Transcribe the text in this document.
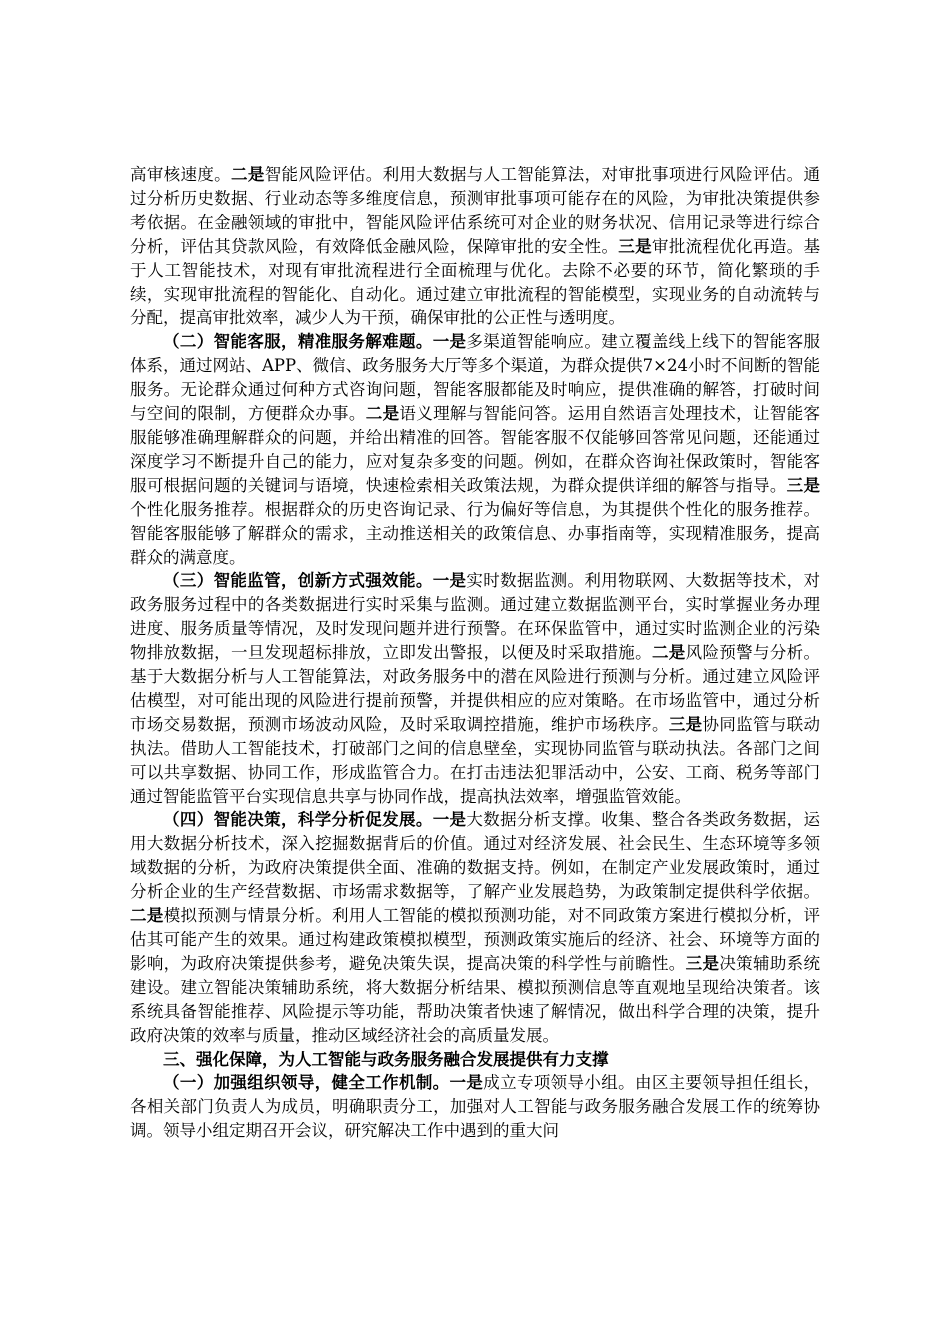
高审核速度。二是智能风险评估。利用大数据与人工智能算法，对审批事项进行风险评估。通过分析历史数据、行业动态等多维度信息，预测审批事项可能存在的风险，为审批决策提供参考依据。在金融领域的审批中，智能风险评估系统可对企业的财务状况、信用记录等进行综合分析，评估其贷款风险，有效降低金融风险，保障审批的安全性。三是审批流程优化再造。基于人工智能技术，对现有审批流程进行全面梳理与优化。去除不必要的环节，简化繁琐的手续，实现审批流程的智能化、自动化。通过建立审批流程的智能模型，实现业务的自动流转与分配，提高审批效率，减少人为干预，确保审批的公正性与透明度。

（二）智能客服，精准服务解难题。一是多渠道智能响应。建立覆盖线上线下的智能客服体系，通过网站、APP、微信、政务服务大厅等多个渠道，为群众提供7×24小时不间断的智能服务。无论群众通过何种方式咨询问题，智能客服都能及时响应，提供准确的解答，打破时间与空间的限制，方便群众办事。二是语义理解与智能问答。运用自然语言处理技术，让智能客服能够准确理解群众的问题，并给出精准的回答。智能客服不仅能够回答常见问题，还能通过深度学习不断提升自己的能力，应对复杂多变的问题。例如，在群众咨询社保政策时，智能客服可根据问题的关键词与语境，快速检索相关政策法规，为群众提供详细的解答与指导。三是个性化服务推荐。根据群众的历史咨询记录、行为偏好等信息，为其提供个性化的服务推荐。智能客服能够了解群众的需求，主动推送相关的政策信息、办事指南等，实现精准服务，提高群众的满意度。

（三）智能监管，创新方式强效能。一是实时数据监测。利用物联网、大数据等技术，对政务服务过程中的各类数据进行实时采集与监测。通过建立数据监测平台，实时掌握业务办理进度、服务质量等情况，及时发现问题并进行预警。在环保监管中，通过实时监测企业的污染物排放数据，一旦发现超标排放，立即发出警报，以便及时采取措施。二是风险预警与分析。基于大数据分析与人工智能算法，对政务服务中的潜在风险进行预测与分析。通过建立风险评估模型，对可能出现的风险进行提前预警，并提供相应的应对策略。在市场监管中，通过分析市场交易数据，预测市场波动风险，及时采取调控措施，维护市场秩序。三是协同监管与联动执法。借助人工智能技术，打破部门之间的信息壁垒，实现协同监管与联动执法。各部门之间可以共享数据、协同工作，形成监管合力。在打击违法犯罪活动中，公安、工商、税务等部门通过智能监管平台实现信息共享与协同作战，提高执法效率，增强监管效能。

（四）智能决策，科学分析促发展。一是大数据分析支撑。收集、整合各类政务数据，运用大数据分析技术，深入挖掘数据背后的价值。通过对经济发展、社会民生、生态环境等多领域数据的分析，为政府决策提供全面、准确的数据支持。例如，在制定产业发展政策时，通过分析企业的生产经营数据、市场需求数据等，了解产业发展趋势，为政策制定提供科学依据。二是模拟预测与情景分析。利用人工智能的模拟预测功能，对不同政策方案进行模拟分析，评估其可能产生的效果。通过构建政策模拟模型，预测政策实施后的经济、社会、环境等方面的影响，为政府决策提供参考，避免决策失误，提高决策的科学性与前瞻性。三是决策辅助系统建设。建立智能决策辅助系统，将大数据分析结果、模拟预测信息等直观地呈现给决策者。该系统具备智能推荐、风险提示等功能，帮助决策者快速了解情况，做出科学合理的决策，提升政府决策的效率与质量，推动区域经济社会的高质量发展。

三、强化保障，为人工智能与政务服务融合发展提供有力支撑

（一）加强组织领导，健全工作机制。一是成立专项领导小组。由区主要领导担任组长，各相关部门负责人为成员，明确职责分工，加强对人工智能与政务服务融合发展工作的统筹协调。领导小组定期召开会议，研究解决工作中遇到的重大问
